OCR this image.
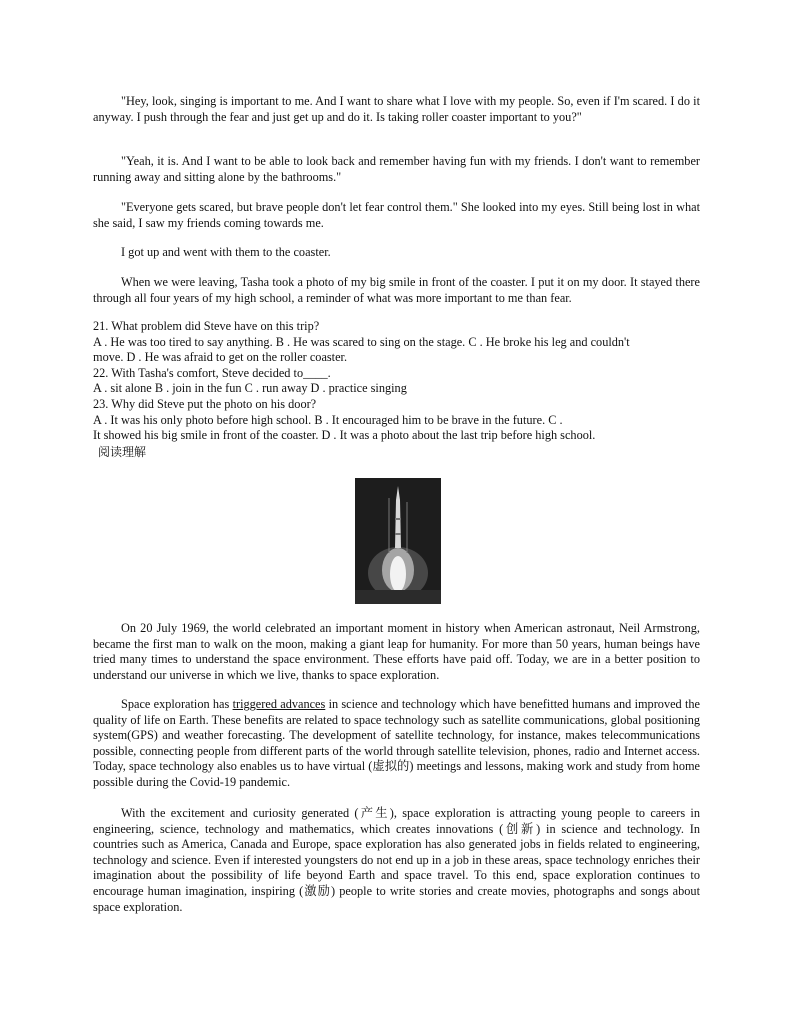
"Hey, look, singing is important to me. And I want to share what I love with my people. So, even if I'm scared. I do it anyway. I push through the fear and just get up and do it. Is taking roller coaster important to you?"

"Yeah, it is. And I want to be able to look back and remember having fun with my friends. I don't want to remember running away and sitting alone by the bathrooms."

"Everyone gets scared, but brave people don't let fear control them." She looked into my eyes. Still being lost in what she said, I saw my friends coming towards me.

I got up and went with them to the coaster.

When we were leaving, Tasha took a photo of my big smile in front of the coaster. I put it on my door. It stayed there through all four years of my high school, a reminder of what was more important to me than fear.

21. What problem did Steve have on this trip?

A . He was too tired to say anything. B . He was scared to sing on the stage. C . He broke his leg and couldn't

move. D . He was afraid to get on the roller coaster.

22. With Tasha's comfort, Steve decided to____.

A . sit alone B . join in the fun C . run away D . practice singing

23. Why did Steve put the photo on his door?

A . It was his only photo before high school. B . It encouraged him to be brave in the future. C .

It showed his big smile in front of the coaster. D . It was a photo about the last trip before high school.

阅读理解

On 20 July 1969, the world celebrated an important moment in history when American astronaut, Neil Armstrong, became the first man to walk on the moon, making a giant leap for humanity. For more than 50 years, human beings have tried many times to understand the space environment. These efforts have paid off. Today, we are in a better position to understand our universe in which we live, thanks to space exploration.

Space exploration has triggered advances in science and technology which have benefitted humans and improved the quality of life on Earth. These benefits are related to space technology such as satellite communications, global positioning system(GPS) and weather forecasting. The development of satellite technology, for instance, makes telecommunications possible, connecting people from different parts of the world through satellite television, phones, radio and Internet access. Today, space technology also enables us to have virtual (虚拟的) meetings and lessons, making work and study from home possible during the Covid-19 pandemic.

With the excitement and curiosity generated (产生), space exploration is attracting young people to careers in engineering, science, technology and mathematics, which creates innovations (创新) in science and technology. In countries such as America, Canada and Europe, space exploration has also generated jobs in fields related to engineering, technology and science. Even if interested youngsters do not end up in a job in these areas, space technology enriches their imagination about the possibility of life beyond Earth and space travel. To this end, space exploration continues to encourage human imagination, inspiring (激励) people to write stories and create movies, photographs and songs about space exploration.
